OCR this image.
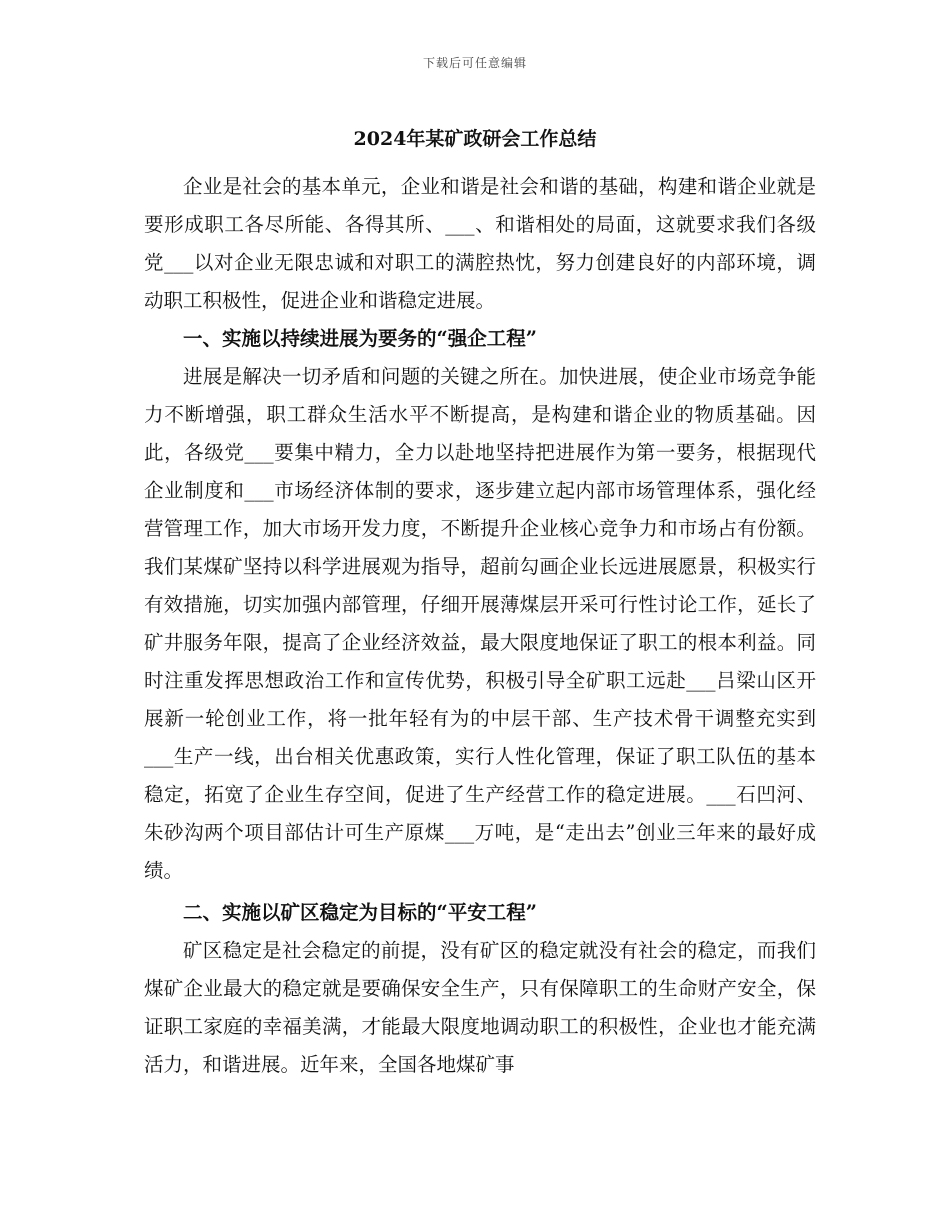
下载后可任意编辑
2024年某矿政研会工作总结

企业是社会的基本单元，企业和谐是社会和谐的基础，构建和谐企业就是要形成职工各尽所能、各得其所、___、和谐相处的局面，这就要求我们各级党___以对企业无限忠诚和对职工的满腔热忱，努力创建良好的内部环境，调动职工积极性，促进企业和谐稳定进展。

一、实施以持续进展为要务的“强企工程”

进展是解决一切矛盾和问题的关键之所在。加快进展，使企业市场竞争能力不断增强，职工群众生活水平不断提高，是构建和谐企业的物质基础。因此，各级党___要集中精力，全力以赴地坚持把进展作为第一要务，根据现代企业制度和___市场经济体制的要求，逐步建立起内部市场管理体系，强化经营管理工作，加大市场开发力度，不断提升企业核心竞争力和市场占有份额。我们某煤矿坚持以科学进展观为指导，超前勾画企业长远进展愿景，积极实行有效措施，切实加强内部管理，仔细开展薄煤层开采可行性讨论工作，延长了矿井服务年限，提高了企业经济效益，最大限度地保证了职工的根本利益。同时注重发挥思想政治工作和宣传优势，积极引导全矿职工远赴___吕梁山区开展新一轮创业工作，将一批年轻有为的中层干部、生产技术骨干调整充实到___生产一线，出台相关优惠政策，实行人性化管理，保证了职工队伍的基本稳定，拓宽了企业生存空间，促进了生产经营工作的稳定进展。___石凹河、朱砂沟两个项目部估计可生产原煤___万吨，是“走出去”创业三年来的最好成绩。

二、实施以矿区稳定为目标的“平安工程”

矿区稳定是社会稳定的前提，没有矿区的稳定就没有社会的稳定，而我们煤矿企业最大的稳定就是要确保安全生产，只有保障职工的生命财产安全，保证职工家庭的幸福美满，才能最大限度地调动职工的积极性，企业也才能充满活力，和谐进展。近年来，全国各地煤矿事
